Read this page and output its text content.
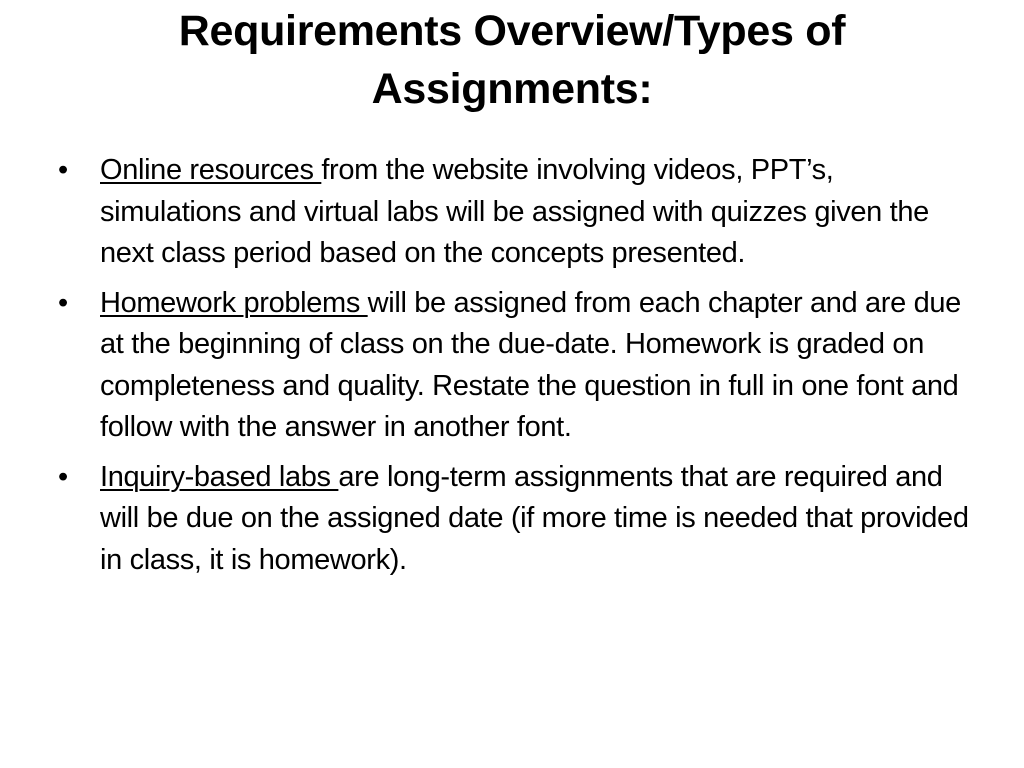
Requirements Overview/Types of Assignments:
• Online resources from the website involving videos, PPT’s, simulations and virtual labs will be assigned with quizzes given the next class period based on the concepts presented.
• Homework problems will be assigned from each chapter and are due at the beginning of class on the due-date. Homework is graded on completeness and quality. Restate the question in full in one font and follow with the answer in another font.
• Inquiry-based labs are long-term assignments that are required and will be due on the assigned date (if more time is needed that provided in class, it is homework).
